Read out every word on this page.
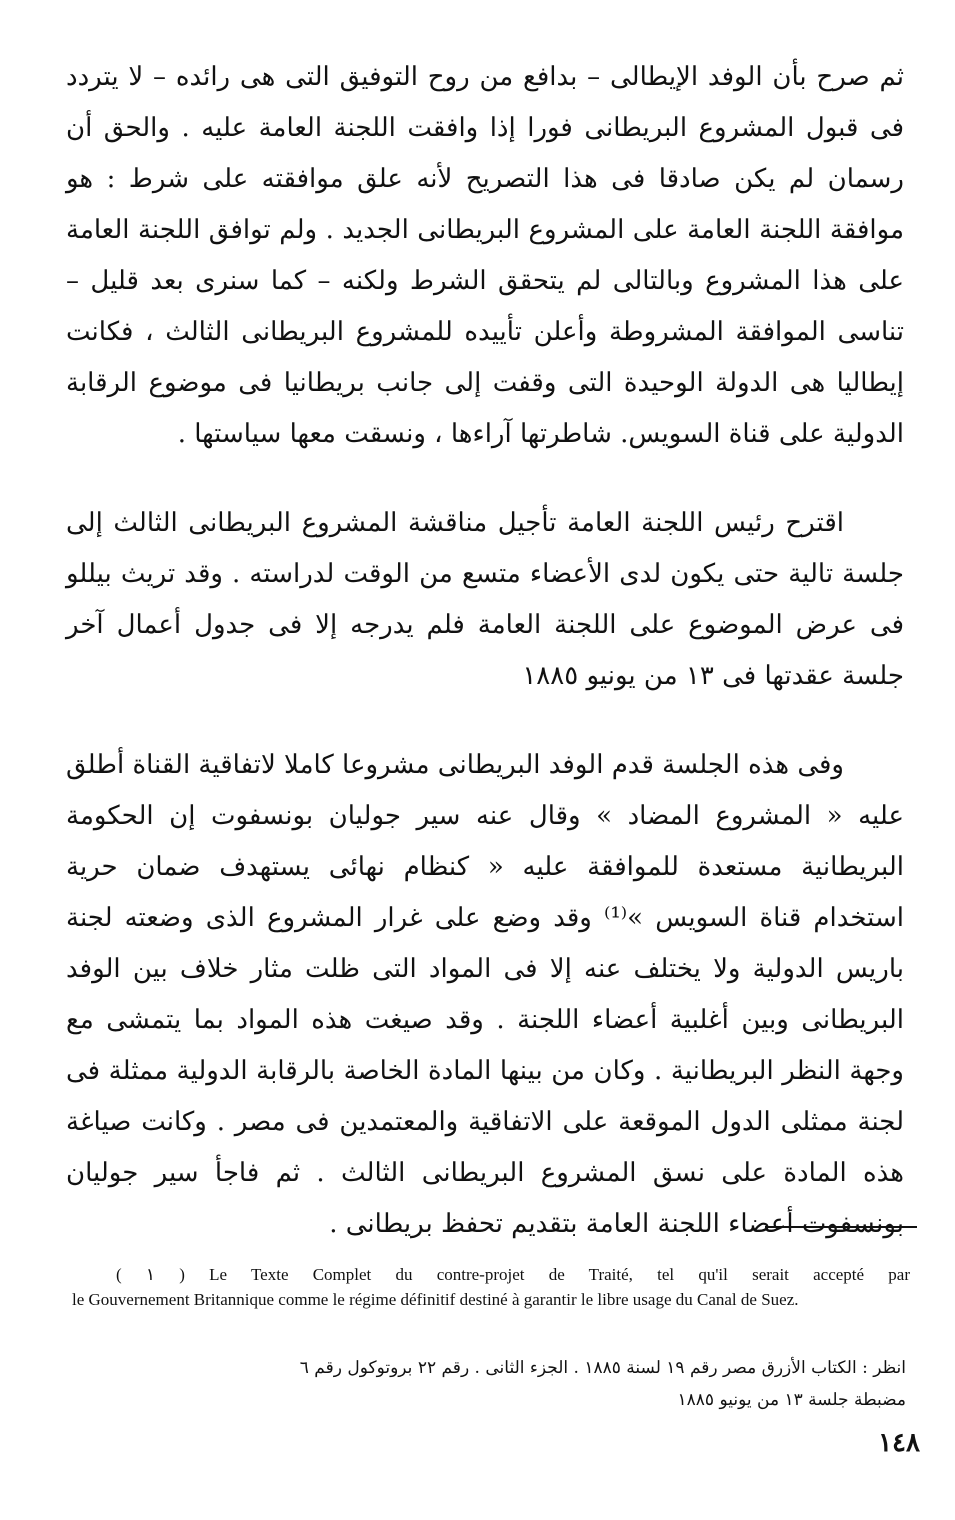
ثم صرح بأن الوفد الإيطالى – بدافع من روح التوفيق التى هى رائده – لا يتردد فى قبول المشروع البريطانى فورا إذا وافقت اللجنة العامة عليه . والحق أن رسمان لم يكن صادقا فى هذا التصريح لأنه علق موافقته على شرط : هو موافقة اللجنة العامة على المشروع البريطانى الجديد . ولم توافق اللجنة العامة على هذا المشروع وبالتالى لم يتحقق الشرط ولكنه – كما سنرى بعد قليل – تناسى الموافقة المشروطة وأعلن تأييده للمشروع البريطانى الثالث ، فكانت إيطاليا هى الدولة الوحيدة التى وقفت إلى جانب بريطانيا فى موضوع الرقابة الدولية على قناة السويس. شاطرتها آراءها ، ونسقت معها سياستها .

اقترح رئيس اللجنة العامة تأجيل مناقشة المشروع البريطانى الثالث إلى جلسة تالية حتى يكون لدى الأعضاء متسع من الوقت لدراسته . وقد تريث بيللو فى عرض الموضوع على اللجنة العامة فلم يدرجه إلا فى جدول أعمال آخر جلسة عقدتها فى ١٣ من يونيو ١٨٨٥

وفى هذه الجلسة قدم الوفد البريطانى مشروعا كاملا لاتفاقية القناة أطلق عليه « المشروع المضاد » وقال عنه سير جوليان بونسفوت إن الحكومة البريطانية مستعدة للموافقة عليه « كنظام نهائى يستهدف ضمان حرية استخدام قناة السويس »⁽¹⁾ وقد وضع على غرار المشروع الذى وضعته لجنة باريس الدولية ولا يختلف عنه إلا فى المواد التى ظلت مثار خلاف بين الوفد البريطانى وبين أغلبية أعضاء اللجنة . وقد صيغت هذه المواد بما يتمشى مع وجهة النظر البريطانية . وكان من بينها المادة الخاصة بالرقابة الدولية ممثلة فى لجنة ممثلى الدول الموقعة على الاتفاقية والمعتمدين فى مصر . وكانت صياغة هذه المادة على نسق المشروع البريطانى الثالث . ثم فاجأ سير جوليان بونسفوت أعضاء اللجنة العامة بتقديم تحفظ بريطانى .

( ١ ) Le Texte Complet du contre-projet de Traité, tel qu'il serait accepté par
le Gouvernement Britannique comme le régime définitif destiné à garantir le libre usage du Canal de Suez.

انظر : الكتاب الأزرق مصر رقم ١٩ لسنة ١٨٨٥ . الجزء الثانى . رقم ٢٢ بروتوكول رقم ٦
مضبطة جلسة ١٣ من يونيو ١٨٨٥
١٤٨
